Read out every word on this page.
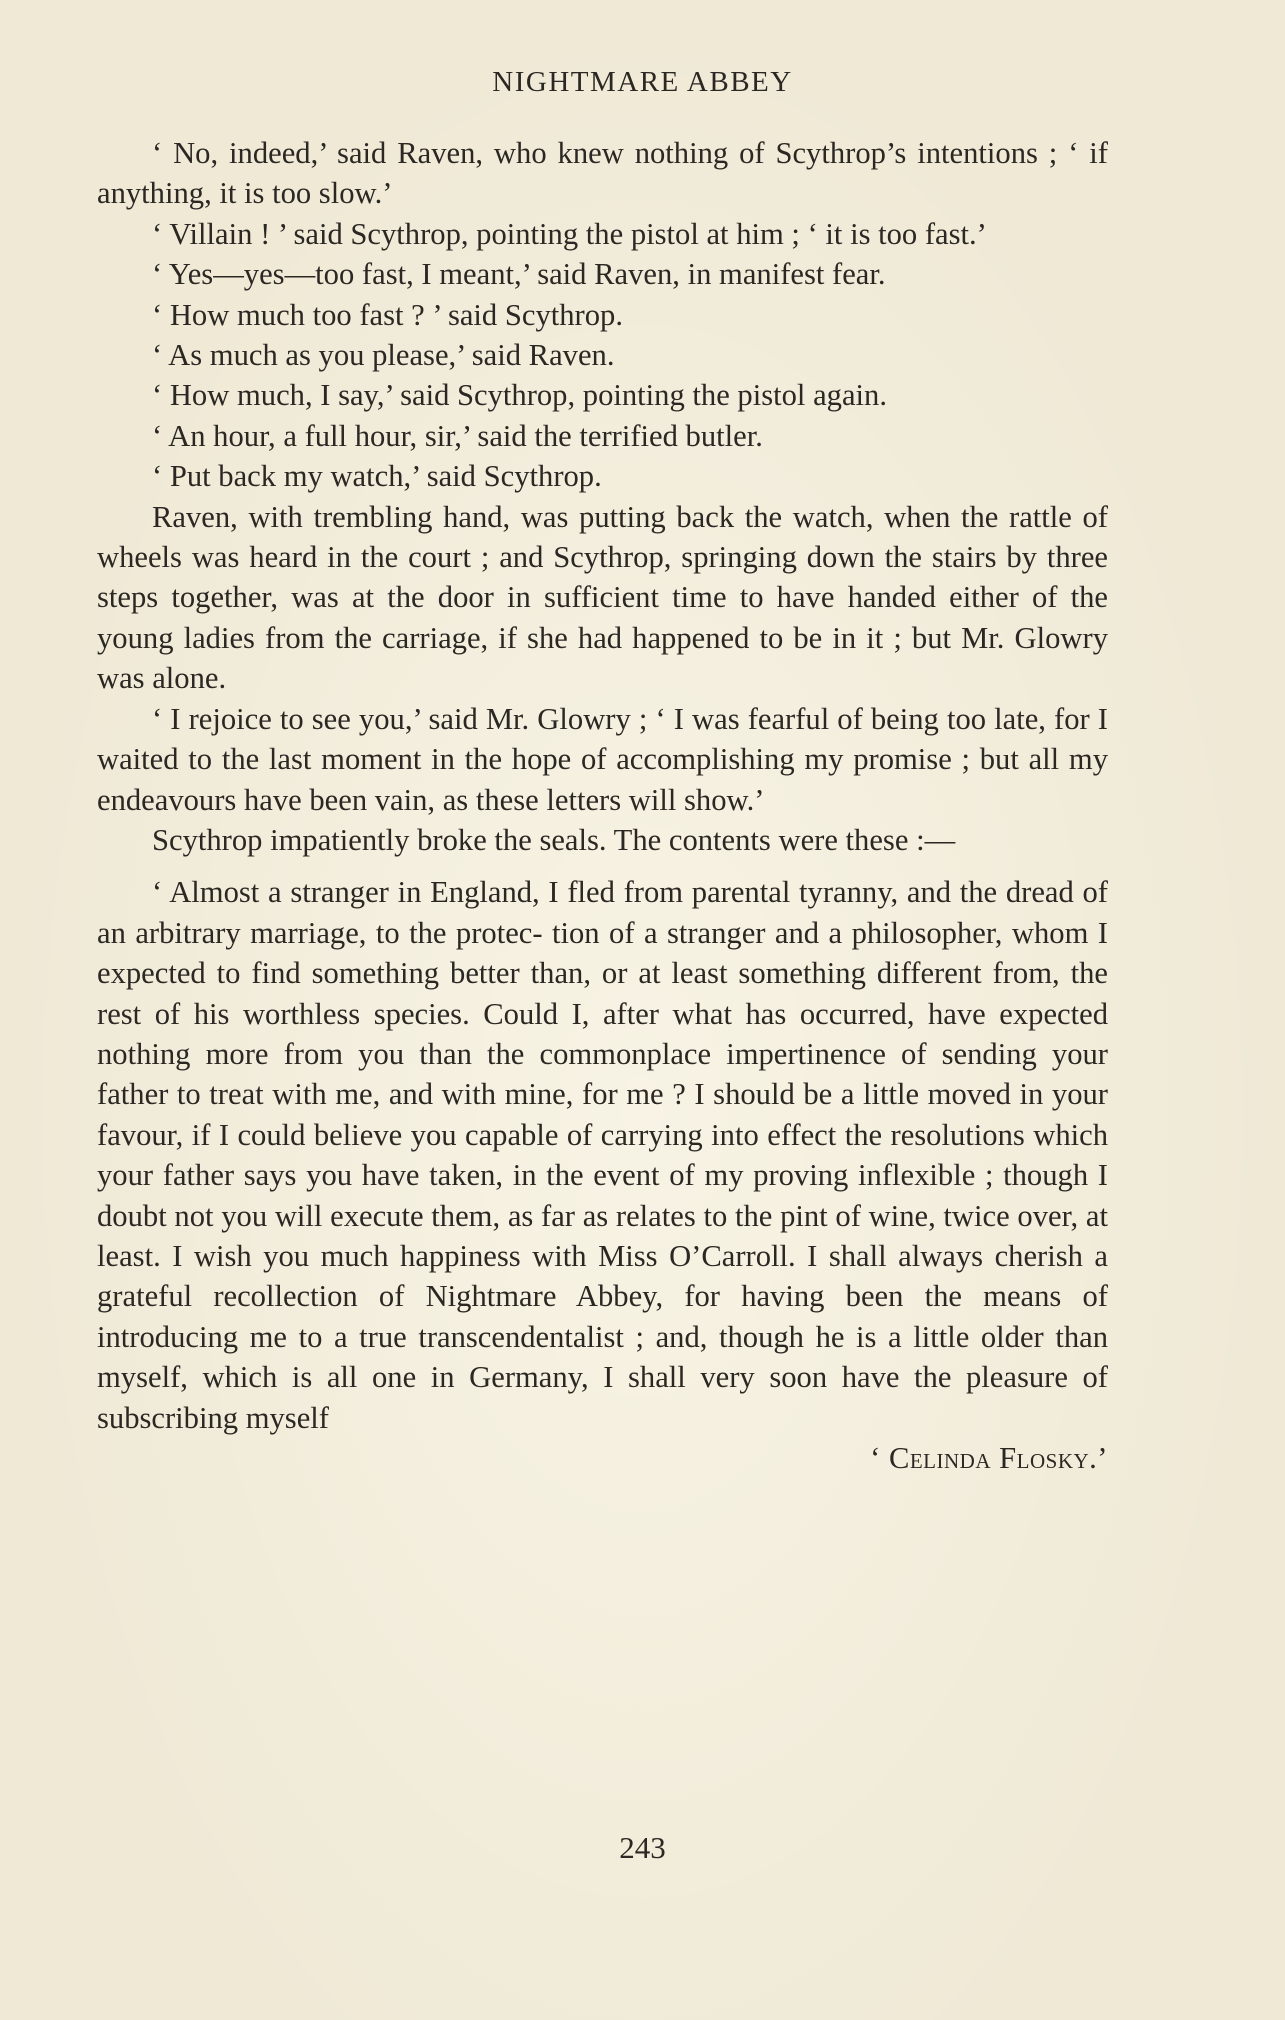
NIGHTMARE ABBEY

‘ No, indeed,’ said Raven, who knew nothing of Scythrop’s intentions ; ‘ if anything, it is too slow.’

‘ Villain ! ’ said Scythrop, pointing the pistol at him ; ‘ it is too fast.’

‘ Yes—yes—too fast, I meant,’ said Raven, in manifest fear.

‘ How much too fast ? ’ said Scythrop.

‘ As much as you please,’ said Raven.

‘ How much, I say,’ said Scythrop, pointing the pistol again.

‘ An hour, a full hour, sir,’ said the terrified butler.

‘ Put back my watch,’ said Scythrop.

Raven, with trembling hand, was putting back the watch, when the rattle of wheels was heard in the court ; and Scythrop, springing down the stairs by three steps together, was at the door in sufficient time to have handed either of the young ladies from the carriage, if she had happened to be in it ; but Mr. Glowry was alone.

‘ I rejoice to see you,’ said Mr. Glowry ; ‘ I was fearful of being too late, for I waited to the last moment in the hope of accomplishing my promise ; but all my endeavours have been vain, as these letters will show.’

Scythrop impatiently broke the seals. The contents were these :—

‘ Almost a stranger in England, I fled from parental tyranny, and the dread of an arbitrary marriage, to the protec- tion of a stranger and a philosopher, whom I expected to find something better than, or at least something different from, the rest of his worthless species. Could I, after what has occurred, have expected nothing more from you than the commonplace impertinence of sending your father to treat with me, and with mine, for me ? I should be a little moved in your favour, if I could believe you capable of carrying into effect the resolutions which your father says you have taken, in the event of my proving inflexible ; though I doubt not you will execute them, as far as relates to the pint of wine, twice over, at least. I wish you much happiness with Miss O’Carroll. I shall always cherish a grateful recollection of Nightmare Abbey, for having been the means of introducing me to a true transcendentalist ; and, though he is a little older than myself, which is all one in Germany, I shall very soon have the pleasure of subscribing myself

‘ Celinda Flosky.’

243
